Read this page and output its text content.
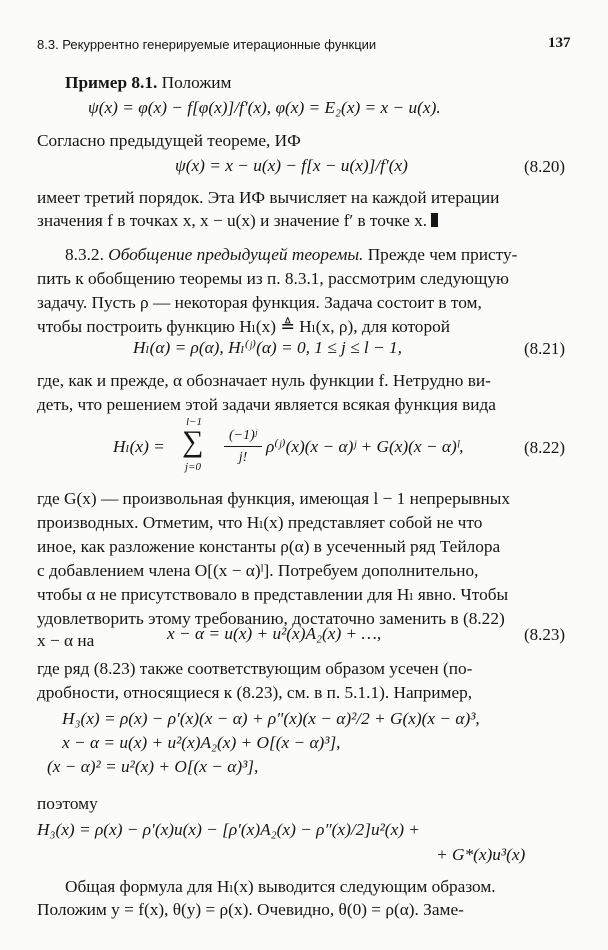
8.3. Рекуррентно генерируемые итерационные функции	137
Пример 8.1. Положим
ψ(x) = φ(x) − f[φ(x)]/f′(x), φ(x) = E₂(x) = x − u(x).
Согласно предыдущей теореме, ИФ
ψ(x) = x − u(x) − f[x − u(x)]/f′(x)	(8.20)
имеет третий порядок. Эта ИФ вычисляет на каждой итерации
значения f в точках x, x − u(x) и значение f′ в точке x.
8.3.2. Обобщение предыдущей теоремы. Прежде чем присту-
пить к обобщению теоремы из п. 8.3.1, рассмотрим следующую
задачу. Пусть ρ — некоторая функция. Задача состоит в том,
чтобы построить функцию Hₗ(x) ≜ Hₗ(x, ρ), для которой
Hₗ(α) = ρ(α), Hₗ⁽ʲ⁾(α) = 0, 1 ≤ j ≤ l − 1,	(8.21)
где, как и прежде, α обозначает нуль функции f. Нетрудно ви-
деть, что решением этой задачи является всякая функция вида
Hₗ(x) =
l−1
∑
j=0
(−1)ʲ
j!
ρ⁽ʲ⁾(x)(x − α)ʲ + G(x)(x − α)ˡ,	(8.22)
где G(x) — произвольная функция, имеющая l − 1 непрерывных
производных. Отметим, что Hₗ(x) представляет собой не что
иное, как разложение константы ρ(α) в усеченный ряд Тейлора
с добавлением члена O[(x − α)ˡ]. Потребуем дополнительно,
чтобы α не присутствовало в представлении для Hₗ явно. Чтобы
удовлетворить этому требованию, достаточно заменить в (8.22)
x − α на	x − α = u(x) + u²(x)A₂(x) + …,	(8.23)
где ряд (8.23) также соответствующим образом усечен (по-
дробности, относящиеся к (8.23), см. в п. 5.1.1). Например,
H₃(x) = ρ(x) − ρ′(x)(x − α) + ρ″(x)(x − α)²/2 + G(x)(x − α)³,
x − α = u(x) + u²(x)A₂(x) + O[(x − α)³],
(x − α)² = u²(x) + O[(x − α)³],
поэтому
H₃(x) = ρ(x) − ρ′(x)u(x) − [ρ′(x)A₂(x) − ρ″(x)/2]u²(x) +
+ G*(x)u³(x)
Общая формула для Hₗ(x) выводится следующим образом.
Положим y = f(x), θ(y) = ρ(x). Очевидно, θ(0) = ρ(α). Заме-
